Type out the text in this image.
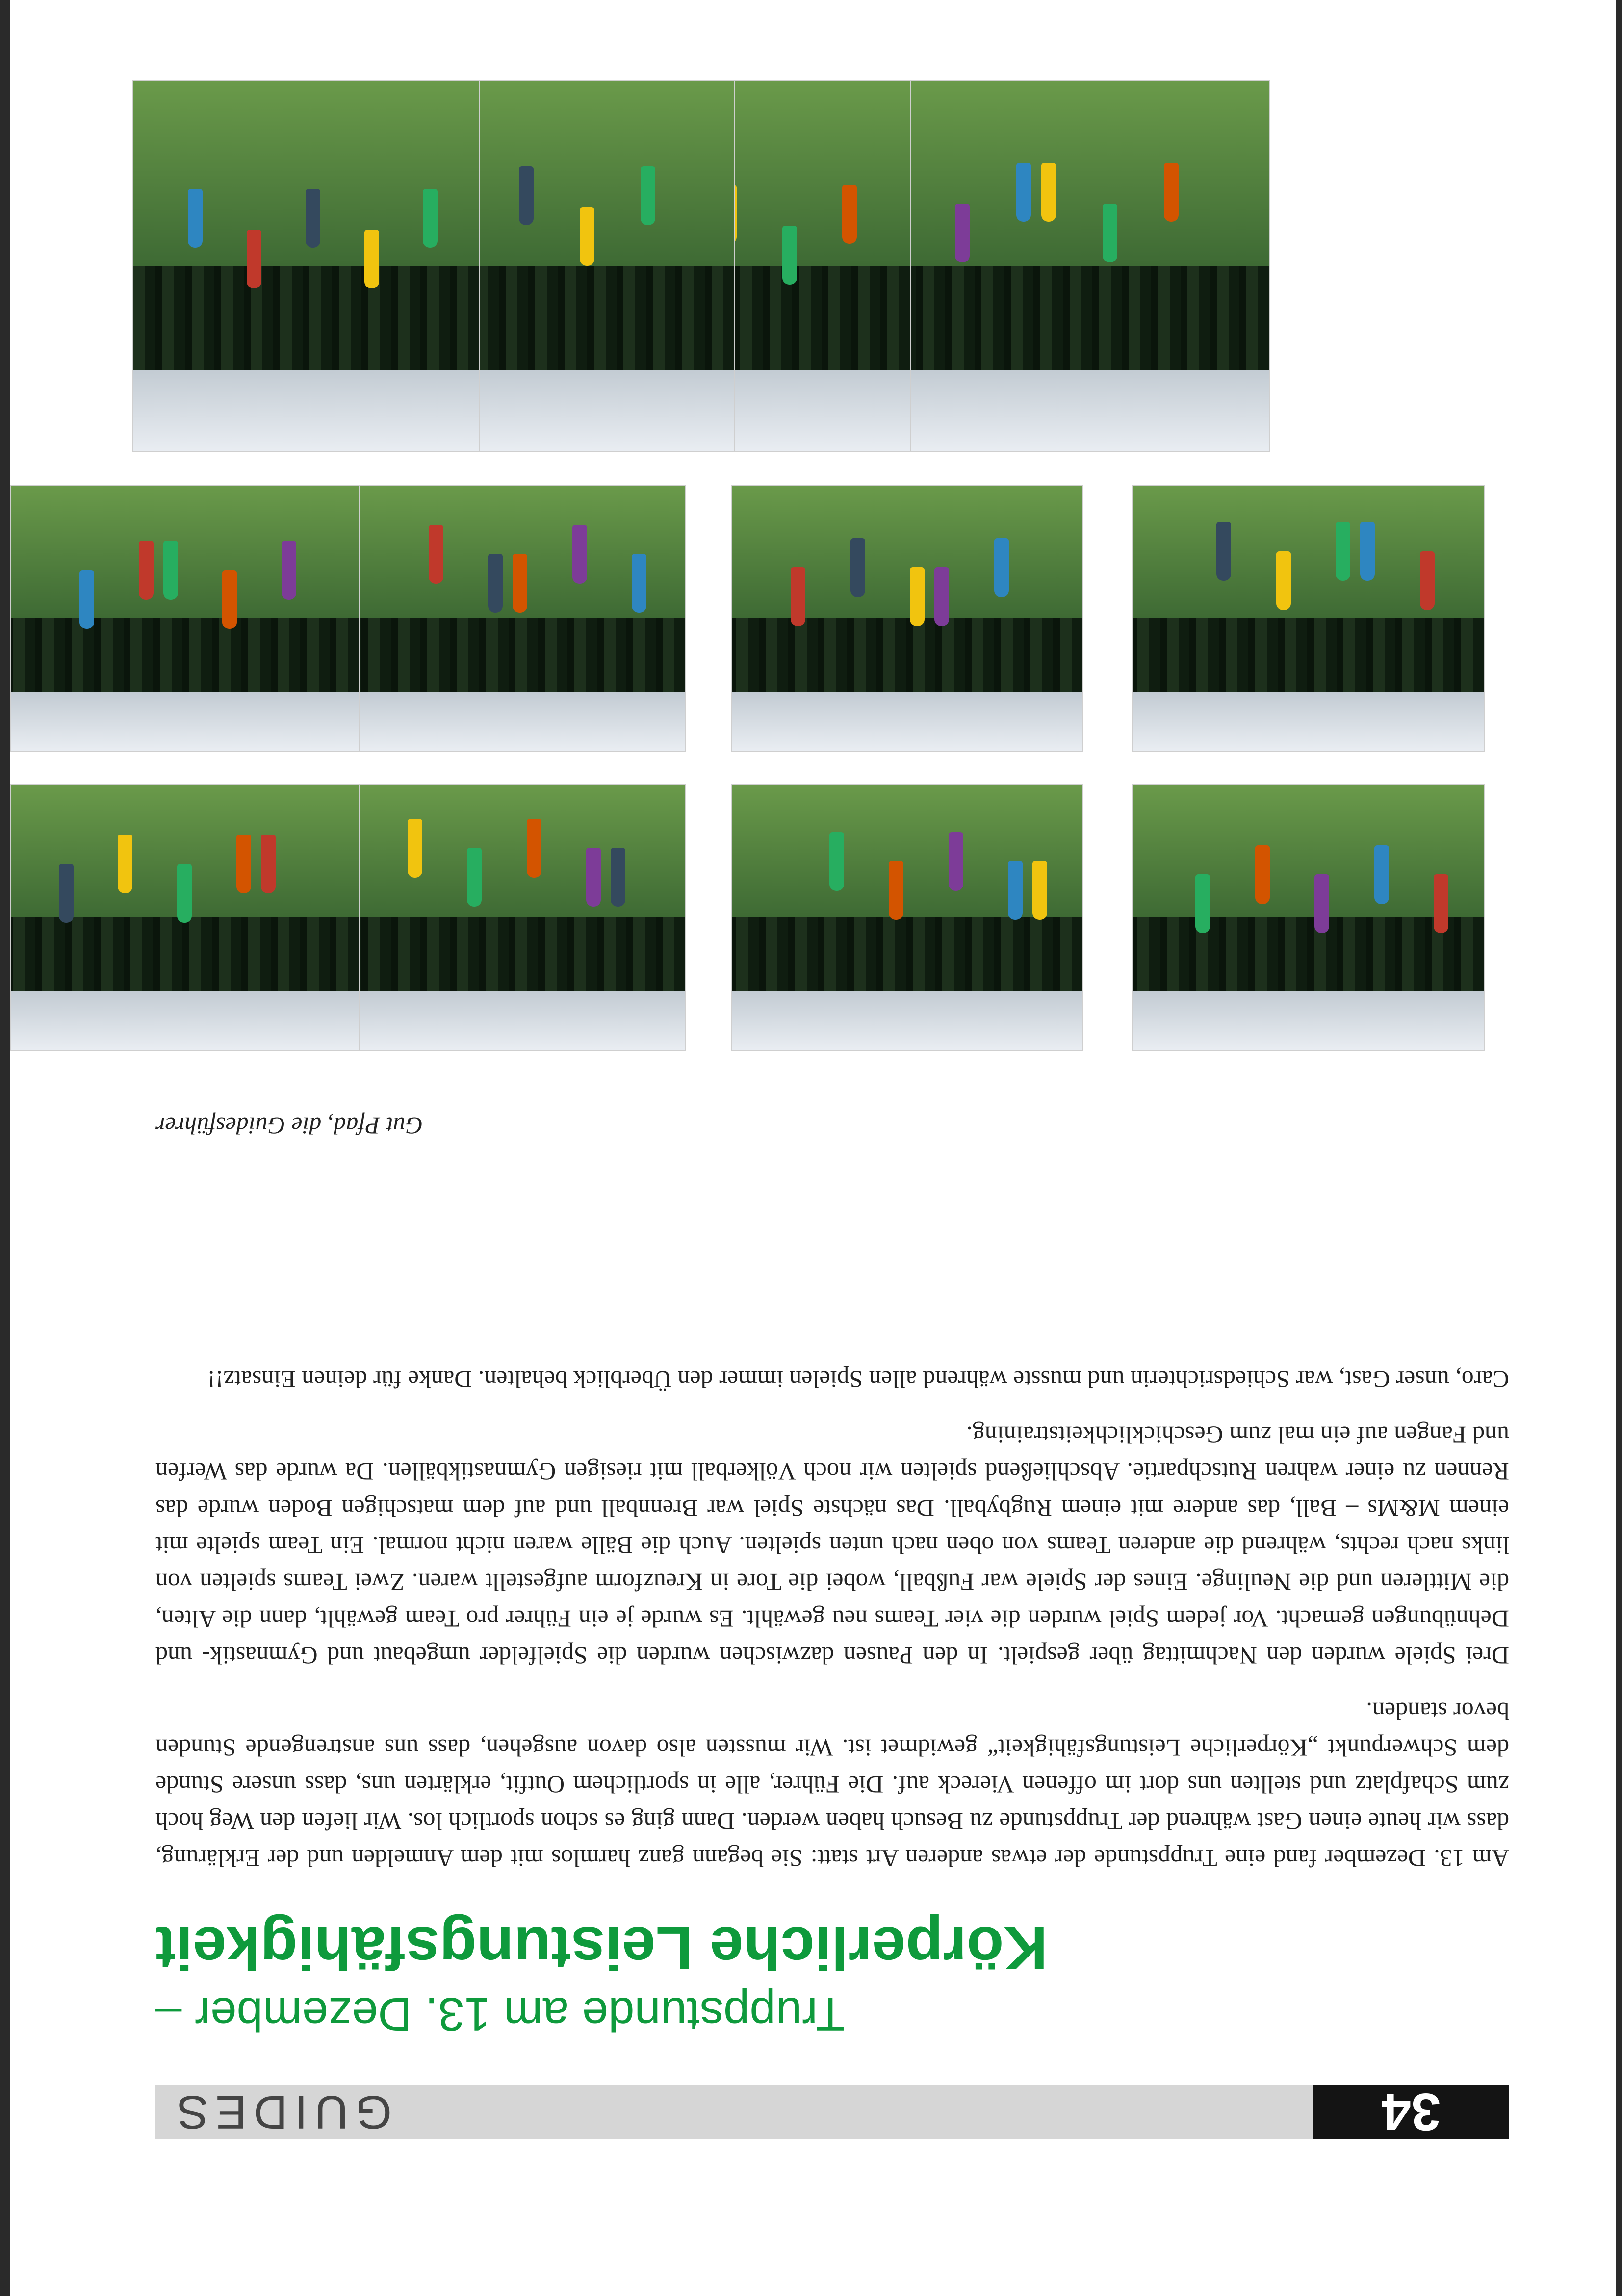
34
GUIDES
Truppstunde am 13. Dezember –
Körperliche Leistungsfähigkeit

Am 13. Dezember fand eine Truppstunde der etwas anderen Art statt: Sie begann ganz harmlos mit dem Anmelden und der Erklärung, dass wir heute einen Gast während der Truppstunde zu Besuch haben werden. Dann ging es schon sportlich los. Wir liefen den Weg hoch zum Schafplatz und stellten uns dort im offenen Viereck auf. Die Führer, alle in sportlichem Outfit, erklärten uns, dass unsere Stunde dem Schwerpunkt „Körperliche Leistungsfähigkeit“ gewidmet ist. Wir mussten also davon ausgehen, dass uns anstrengende Stunden bevor standen.

Drei Spiele wurden den Nachmittag über gespielt. In den Pausen dazwischen wurden die Spielfelder umgebaut und Gymnastik- und Dehnübungen gemacht. Vor jedem Spiel wurden die vier Teams neu gewählt. Es wurde je ein Führer pro Team gewählt, dann die Alten, die Mittleren und die Neulinge. Eines der Spiele war Fußball, wobei die Tore in Kreuzform aufgestellt waren. Zwei Teams spielten von links nach rechts, während die anderen Teams von oben nach unten spielten. Auch die Bälle waren nicht normal. Ein Team spielte mit einem M&Ms – Ball, das andere mit einem Rugbyball. Das nächste Spiel war Brennball und auf dem matschigen Boden wurde das Rennen zu einer wahren Rutschpartie. Abschließend spielten wir noch Völkerball mit riesigen Gymnastikbällen. Da wurde das Werfen und Fangen auf ein mal zum Geschicklichkeitstraining.

Caro, unser Gast, war Schiedsrichterin und musste während allen Spielen immer den Überblick behalten. Danke für deinen Einsatz!!

Gut Pfad, die Guidesführer
